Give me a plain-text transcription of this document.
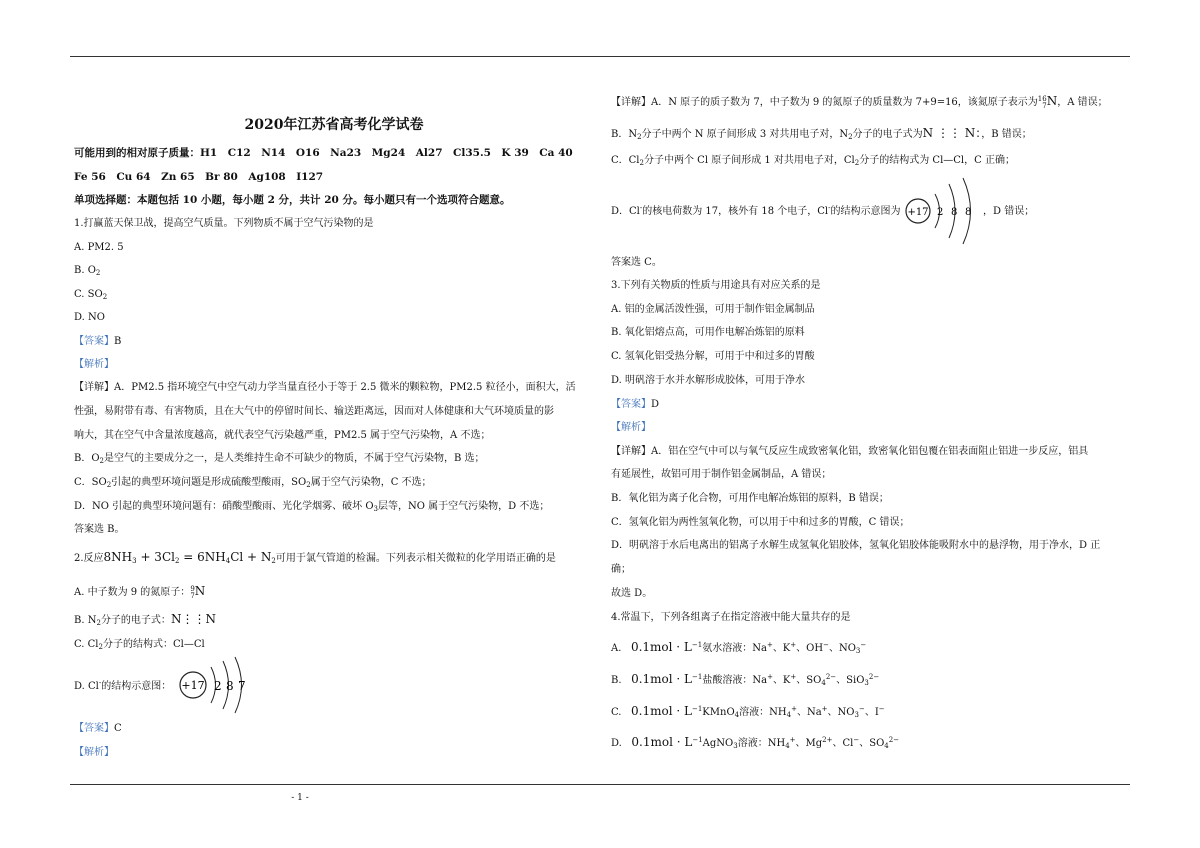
2020年江苏省高考化学试卷
可能用到的相对原子质量：H1　C12　N14　O16　Na23　Mg24　Al27　Cl35.5　K 39　Ca 40
Fe 56　Cu 64　Zn 65　Br 80　Ag108　I127
单项选择题：本题包括 10 小题，每小题 2 分，共计 20 分。每小题只有一个选项符合题意。
1.打赢蓝天保卫战，提高空气质量。下列物质不属于空气污染物的是
A. PM2. 5
B. $O_2$
C. $SO_2$
D. NO
【答案】B
【解析】
【详解】A．PM2.5 指环境空气中空气动力学当量直径小于等于 2.5 微米的颗粒物，PM2.5 粒径小，面积大，活
性强，易附带有毒、有害物质，且在大气中的停留时间长、输送距离远，因而对人体健康和大气环境质量的影
响大，其在空气中含量浓度越高，就代表空气污染越严重，PM2.5 属于空气污染物，A 不选；
B．$O_2$是空气的主要成分之一，是人类维持生命不可缺少的物质，不属于空气污染物，B 选；
C．$SO_2$引起的典型环境问题是形成硫酸型酸雨，$SO_2$属于空气污染物，C 不选；
D．NO 引起的典型环境问题有：硝酸型酸雨、光化学烟雾、破坏 $O_3$层等，NO 属于空气污染物，D 不选；
答案选 B。
2.反应$8NH_3 + 3Cl_2 = 6NH_4Cl + N_2$可用于氯气管道的检漏。下列表示相关微粒的化学用语正确的是
A. 中子数为 9 的氮原子： 9
7 N
B. $N_2$分子的电子式：N⋮⋮N
C. $Cl_2$分子的结构式：Cl—Cl
D. Cl-的结构示意图： +17 2 8 7
【答案】C
【解析】
【详解】A．N 原子的质子数为 7，中子数为 9 的氮原子的质量数为 7+9=16，该氮原子表示为 16
7 N，A 错误；
B．$N_2$分子中两个 N 原子间形成 3 对共用电子对，$N_2$分子的电子式为N ⋮⋮ N：，B 错误；
C．$Cl_2$分子中两个 Cl 原子间形成 1 对共用电子对，$Cl_2$分子的结构式为 Cl—Cl，C 正确；
D．Cl-的核电荷数为 17，核外有 18 个电子，Cl-的结构示意图为 +17 2 8 8 ，D 错误；
答案选 C。
3.下列有关物质的性质与用途具有对应关系的是
A. 铝的金属活泼性强，可用于制作铝金属制品
B. 氧化铝熔点高，可用作电解冶炼铝的原料
C. 氢氧化铝受热分解，可用于中和过多的胃酸
D. 明矾溶于水并水解形成胶体，可用于净水
【答案】D
【解析】
【详解】A．铝在空气中可以与氧气反应生成致密氧化铝，致密氧化铝包覆在铝表面阻止铝进一步反应，铝具
有延展性，故铝可用于制作铝金属制品，A 错误；
B．氧化铝为离子化合物，可用作电解冶炼铝的原料，B 错误；
C．氢氧化铝为两性氢氧化物，可以用于中和过多的胃酸，C 错误；
D．明矾溶于水后电离出的铝离子水解生成氢氧化铝胶体，氢氧化铝胶体能吸附水中的悬浮物，用于净水，D 正
确；
故选 D。
4.常温下，下列各组离子在指定溶液中能大量共存的是
A. $0.1mol \cdot L^{-1}$氨水溶液：Na+、K+、OH−、$NO_3^-$
B. $0.1mol \cdot L^{-1}$盐酸溶液：Na+、K+、$SO_4^{2-}$、SiO$_3^{2-}$
C. $0.1mol \cdot L^{-1}KMnO_4$溶液：$NH_4^+$、Na+、$NO_3^-$、I−
D. $0.1mol \cdot L^{-1}AgNO_3$溶液：$NH_4^+$、$Mg^{2+}$、Cl−、$SO_4^{2-}$
- 1 -
